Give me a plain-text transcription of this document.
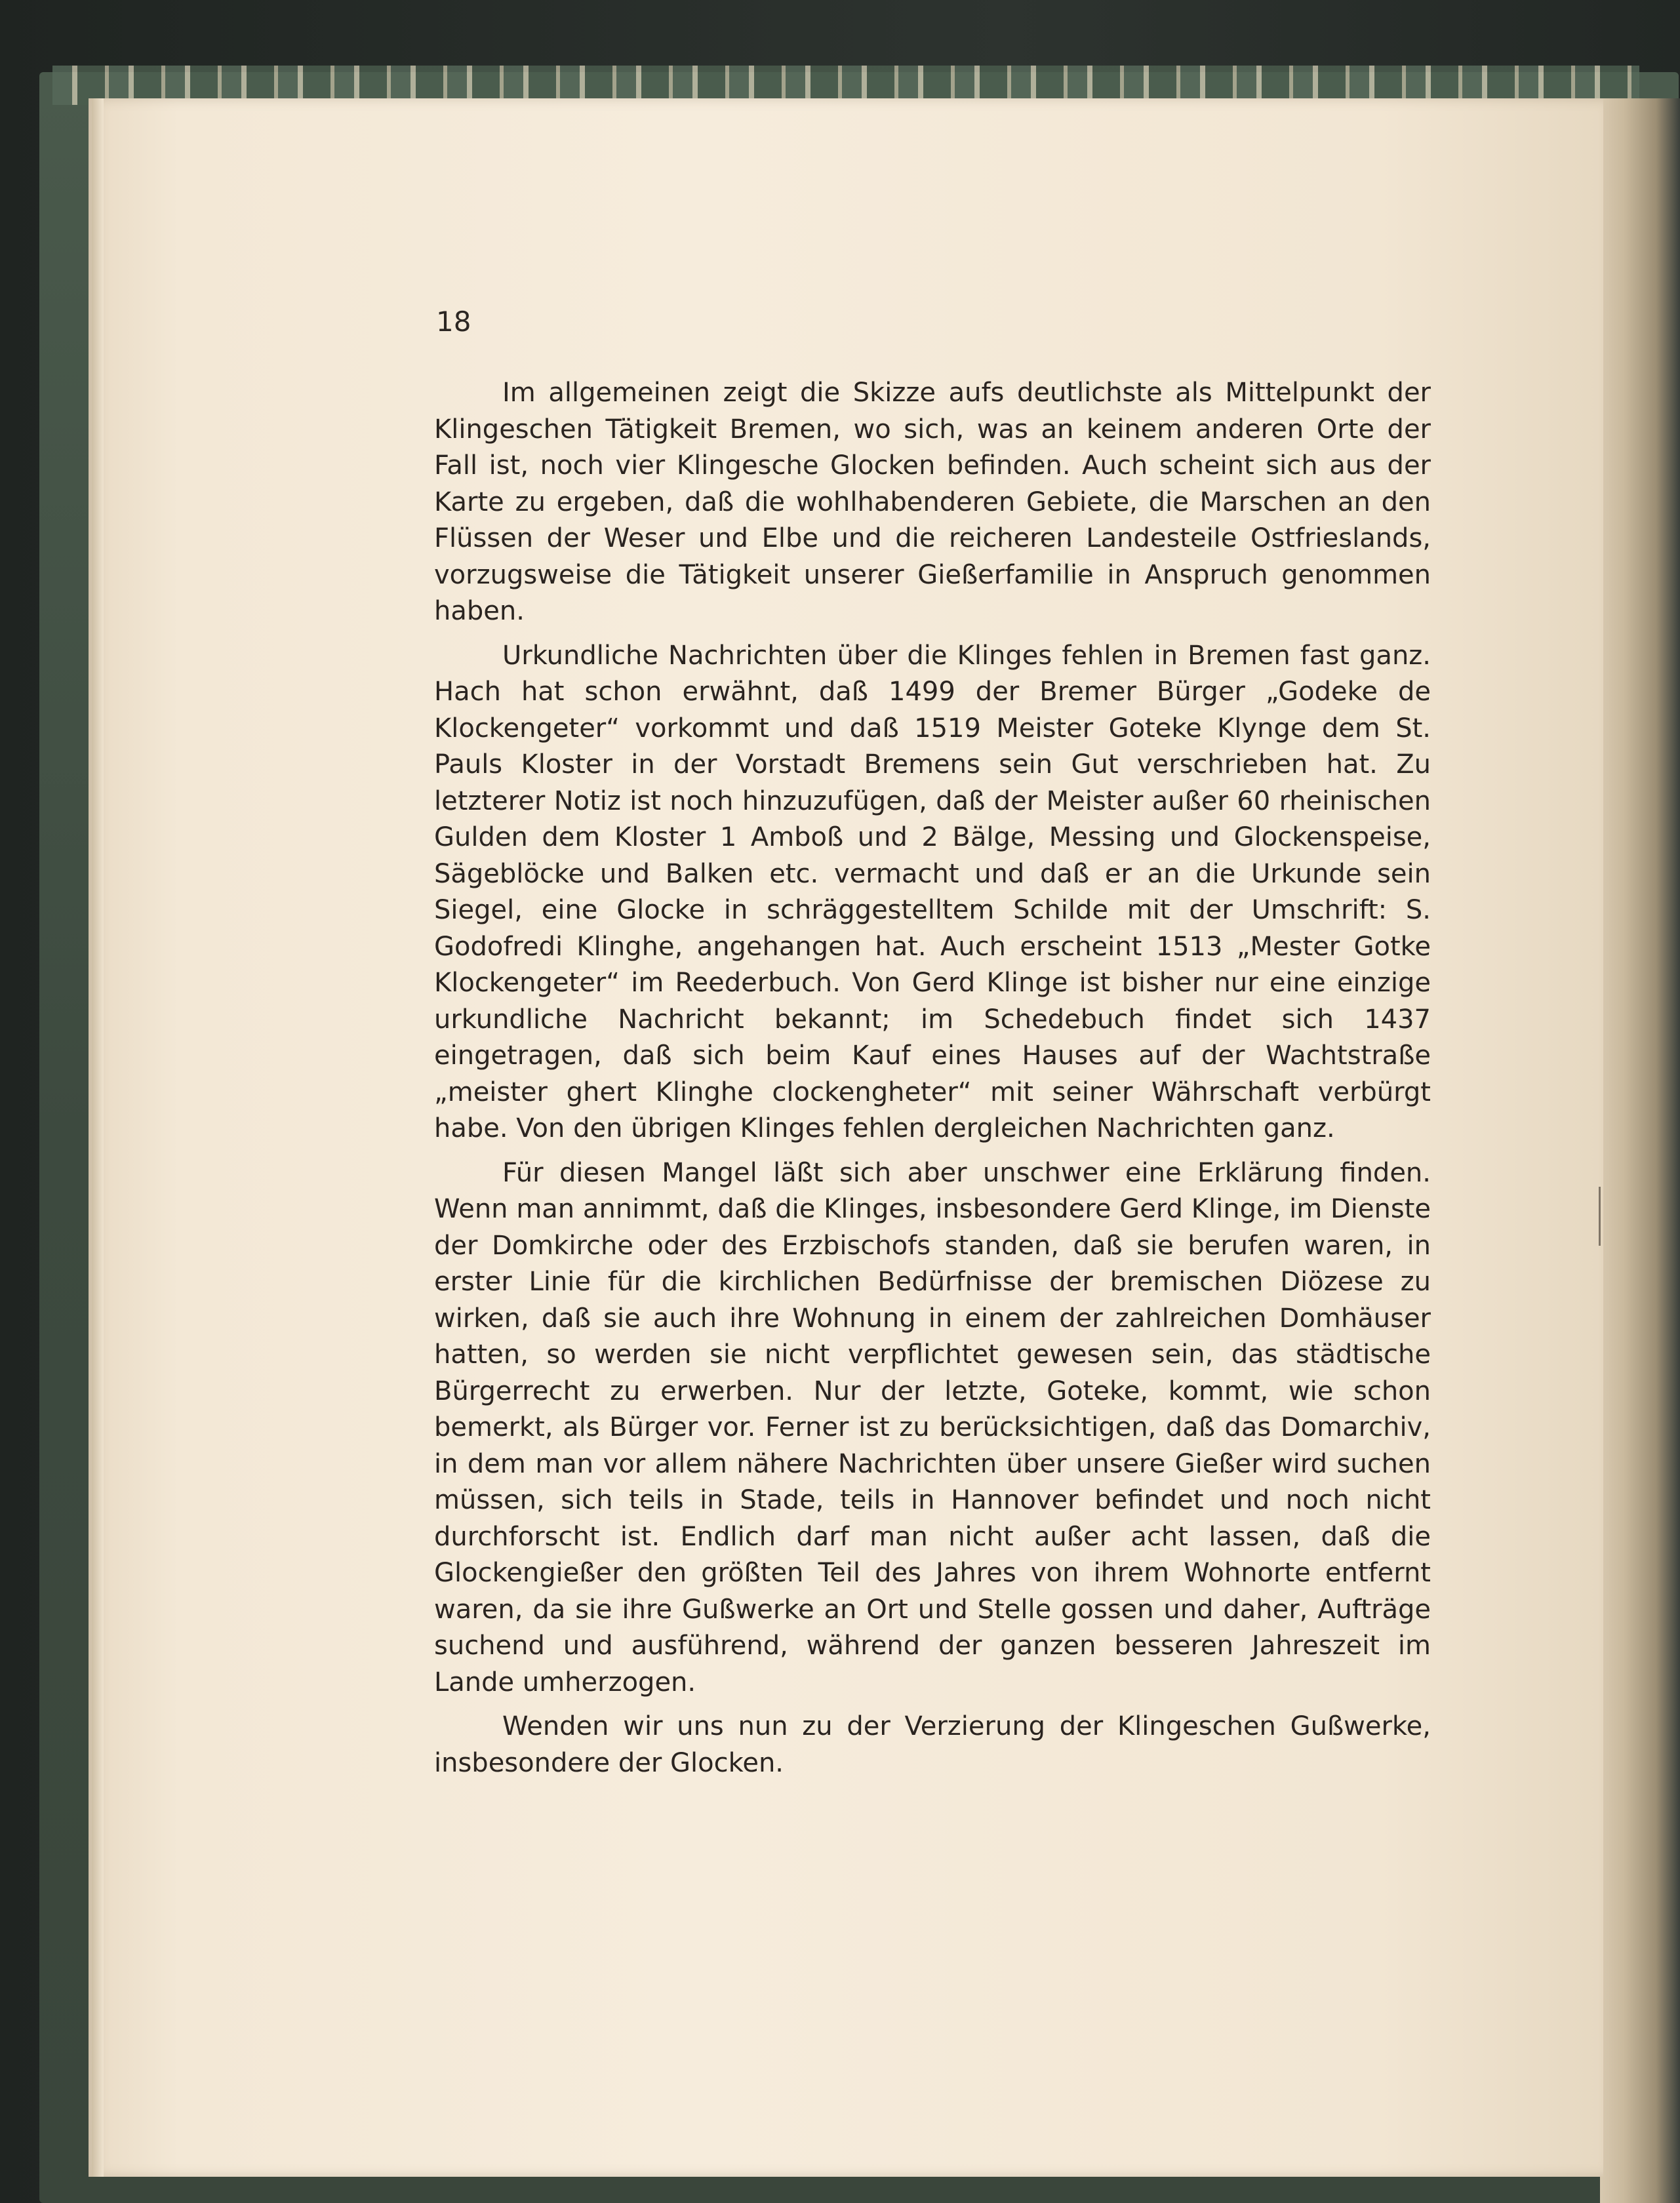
18

Im allgemeinen zeigt die Skizze aufs deutlichste als Mittelpunkt der Klingeschen Tätigkeit Bremen, wo sich, was an keinem anderen Orte der Fall ist, noch vier Klingesche Glocken befinden. Auch scheint sich aus der Karte zu ergeben, daß die wohlhabenderen Gebiete, die Marschen an den Flüssen der Weser und Elbe und die reicheren Landesteile Ostfrieslands, vorzugsweise die Tätigkeit unserer Gießerfamilie in Anspruch genommen haben.

Urkundliche Nachrichten über die Klinges fehlen in Bremen fast ganz. Hach hat schon erwähnt, daß 1499 der Bremer Bürger „Godeke de Klockengeter“ vorkommt und daß 1519 Meister Goteke Klynge dem St. Pauls Kloster in der Vorstadt Bremens sein Gut verschrieben hat. Zu letzterer Notiz ist noch hinzuzufügen, daß der Meister außer 60 rheinischen Gulden dem Kloster 1 Amboß und 2 Bälge, Messing und Glockenspeise, Sägeblöcke und Balken etc. vermacht und daß er an die Urkunde sein Siegel, eine Glocke in schräggestelltem Schilde mit der Umschrift: S. Godofredi Klinghe, angehangen hat. Auch erscheint 1513 „Mester Gotke Klockengeter“ im Reederbuch. Von Gerd Klinge ist bisher nur eine einzige urkundliche Nachricht bekannt; im Schedebuch findet sich 1437 eingetragen, daß sich beim Kauf eines Hauses auf der Wachtstraße „meister ghert Klinghe clockengheter“ mit seiner Währschaft verbürgt habe. Von den übrigen Klinges fehlen dergleichen Nachrichten ganz.

Für diesen Mangel läßt sich aber unschwer eine Erklärung finden. Wenn man annimmt, daß die Klinges, insbesondere Gerd Klinge, im Dienste der Domkirche oder des Erzbischofs standen, daß sie berufen waren, in erster Linie für die kirchlichen Bedürfnisse der bremischen Diözese zu wirken, daß sie auch ihre Wohnung in einem der zahlreichen Domhäuser hatten, so werden sie nicht verpflichtet gewesen sein, das städtische Bürgerrecht zu erwerben. Nur der letzte, Goteke, kommt, wie schon bemerkt, als Bürger vor. Ferner ist zu berücksichtigen, daß das Domarchiv, in dem man vor allem nähere Nachrichten über unsere Gießer wird suchen müssen, sich teils in Stade, teils in Hannover befindet und noch nicht durchforscht ist. Endlich darf man nicht außer acht lassen, daß die Glockengießer den größten Teil des Jahres von ihrem Wohnorte entfernt waren, da sie ihre Gußwerke an Ort und Stelle gossen und daher, Aufträge suchend und ausführend, während der ganzen besseren Jahreszeit im Lande umherzogen.

Wenden wir uns nun zu der Verzierung der Klingeschen Gußwerke, insbesondere der Glocken.
